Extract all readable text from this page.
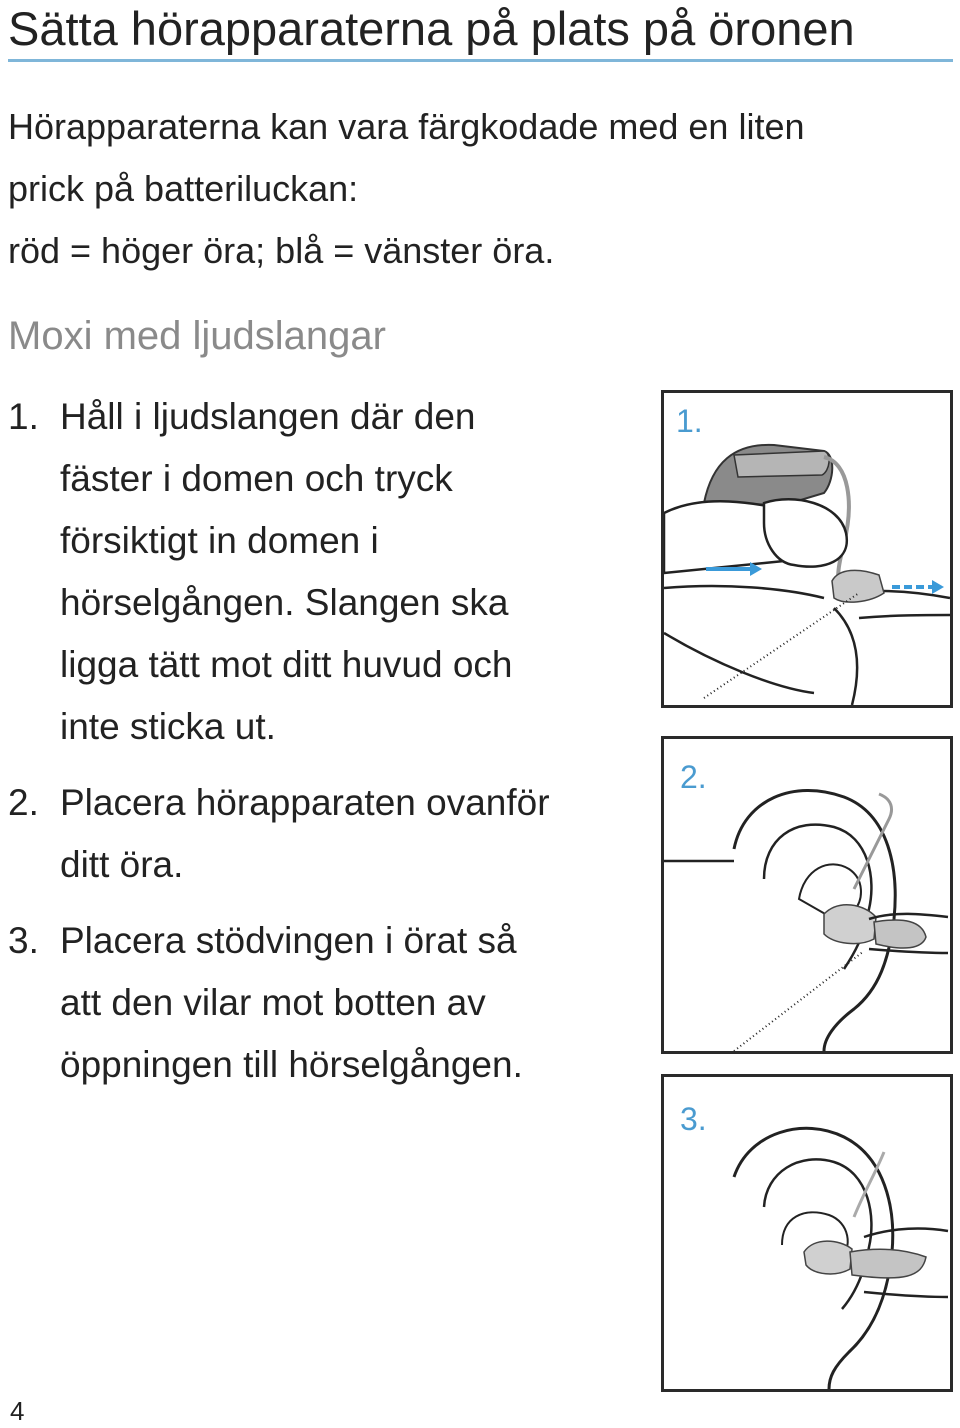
Sätta hörapparaterna på plats på öronen
Hörapparaterna kan vara färgkodade med en liten
prick på batteriluckan:
röd = höger öra; blå = vänster öra.
Moxi med ljudslangar
1. Håll i ljudslangen där den
fäster i domen och tryck
försiktigt in domen i
hörselgången. Slangen ska
ligga tätt mot ditt huvud och
inte sticka ut.
2. Placera hörapparaten ovanför
ditt öra.
3. Placera stödvingen i örat så
att den vilar mot botten av
öppningen till hörselgången.
1.
2.
3.
4
